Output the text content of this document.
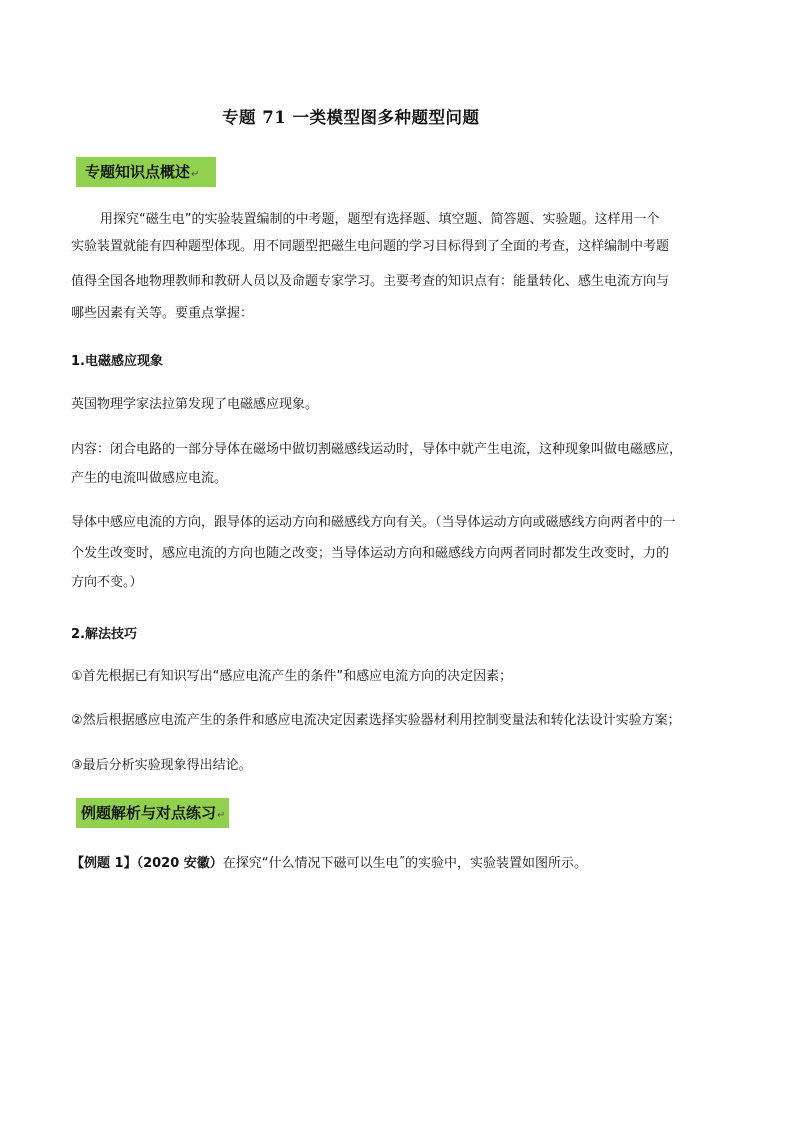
专题 71 一类模型图多种题型问题
专题知识点概述↵
用探究“磁生电”的实验装置编制的中考题，题型有选择题、填空题、简答题、实验题。这样用一个
实验装置就能有四种题型体现。用不同题型把磁生电问题的学习目标得到了全面的考查，这样编制中考题
值得全国各地物理教师和教研人员以及命题专家学习。主要考查的知识点有：能量转化、感生电流方向与
哪些因素有关等。要重点掌握：
1.电磁感应现象
英国物理学家法拉第发现了电磁感应现象。
内容：闭合电路的一部分导体在磁场中做切割磁感线运动时，导体中就产生电流，这种现象叫做电磁感应，
产生的电流叫做感应电流。
导体中感应电流的方向，跟导体的运动方向和磁感线方向有关。（当导体运动方向或磁感线方向两者中的一
个发生改变时，感应电流的方向也随之改变；当导体运动方向和磁感线方向两者同时都发生改变时，力的
方向不变。）
2.解法技巧
①首先根据已有知识写出“感应电流产生的条件”和感应电流方向的决定因素；
②然后根据感应电流产生的条件和感应电流决定因素选择实验器材利用控制变量法和转化法设计实验方案；
③最后分析实验现象得出结论。
例题解析与对点练习↵
【例题 1】（2020 安徽）在探究“什么情况下磁可以生电˝的实验中，实验装置如图所示。
